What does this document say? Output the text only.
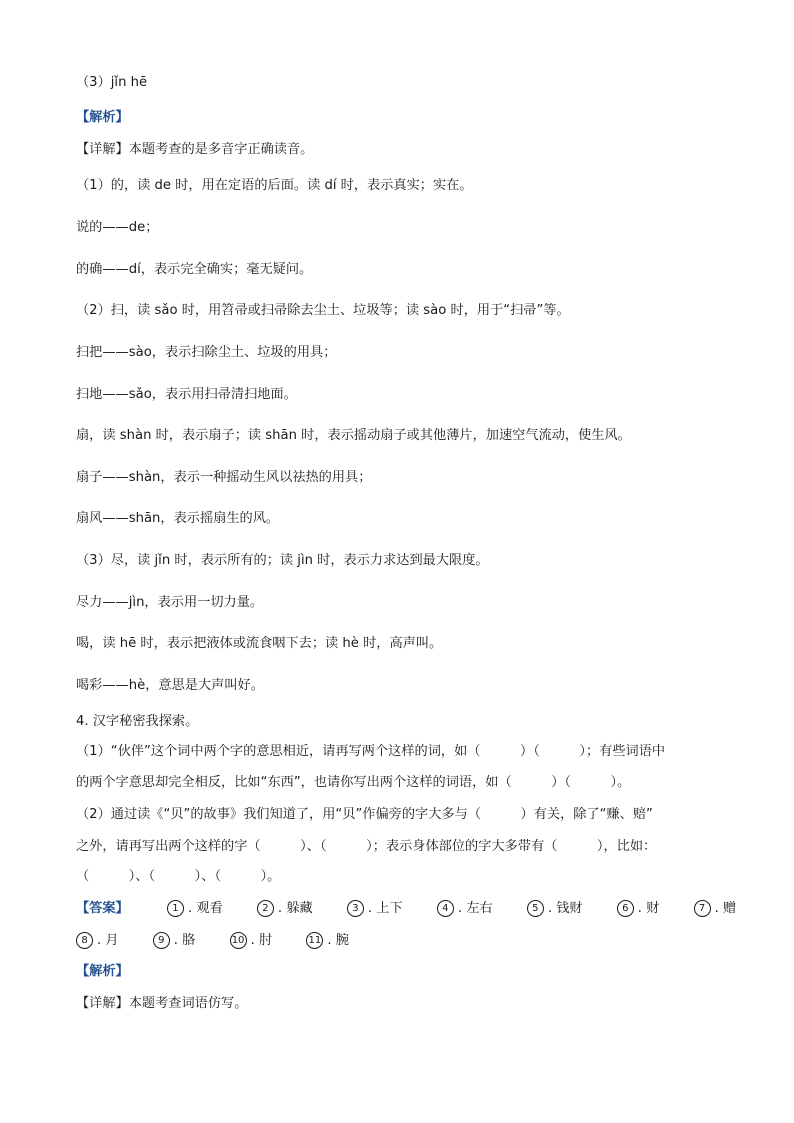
（3）jǐn hē
【解析】
【详解】本题考查的是多音字正确读音。
（1）的，读 de 时，用在定语的后面。读 dí 时，表示真实；实在。
说的——de；
的确——dí，表示完全确实；毫无疑问。
（2）扫，读 sǎo 时，用笤帚或扫帚除去尘土、垃圾等；读 sào 时，用于“扫帚”等。
扫把——sào，表示扫除尘土、垃圾的用具；
扫地——sǎo，表示用扫帚清扫地面。
扇，读 shàn 时，表示扇子；读 shān 时，表示摇动扇子或其他薄片，加速空气流动，使生风。
扇子——shàn，表示一种摇动生风以祛热的用具；
扇风——shān，表示摇扇生的风。
（3）尽，读 jǐn 时，表示所有的；读 jìn 时，表示力求达到最大限度。
尽力——jìn，表示用一切力量。
喝，读 hē 时，表示把液体或流食咽下去；读 hè 时，高声叫。
喝彩——hè，意思是大声叫好。
4. 汉字秘密我探索。
（1）“伙伴”这个词中两个字的意思相近，请再写两个这样的词，如（　　　）（　　　）；有些词语中
的两个字意思却完全相反，比如“东西”，也请你写出两个这样的词语，如（　　　）（　　　）。
（2）通过读《“贝”的故事》我们知道了，用“贝”作偏旁的字大多与（　　　）有关，除了“赚、赔”
之外，请再写出两个这样的字（　　　）、（　　　）；表示身体部位的字大多带有（　　　），比如：
（　　　）、（　　　）、（　　　）。
【答案】	1 . 观看	2 . 躲藏	3 . 上下	4 . 左右	5 . 钱财	6 . 财	7 . 赠
8 . 月	9 . 胳	10 . 肘	11 . 腕
【解析】
【详解】本题考查词语仿写。
